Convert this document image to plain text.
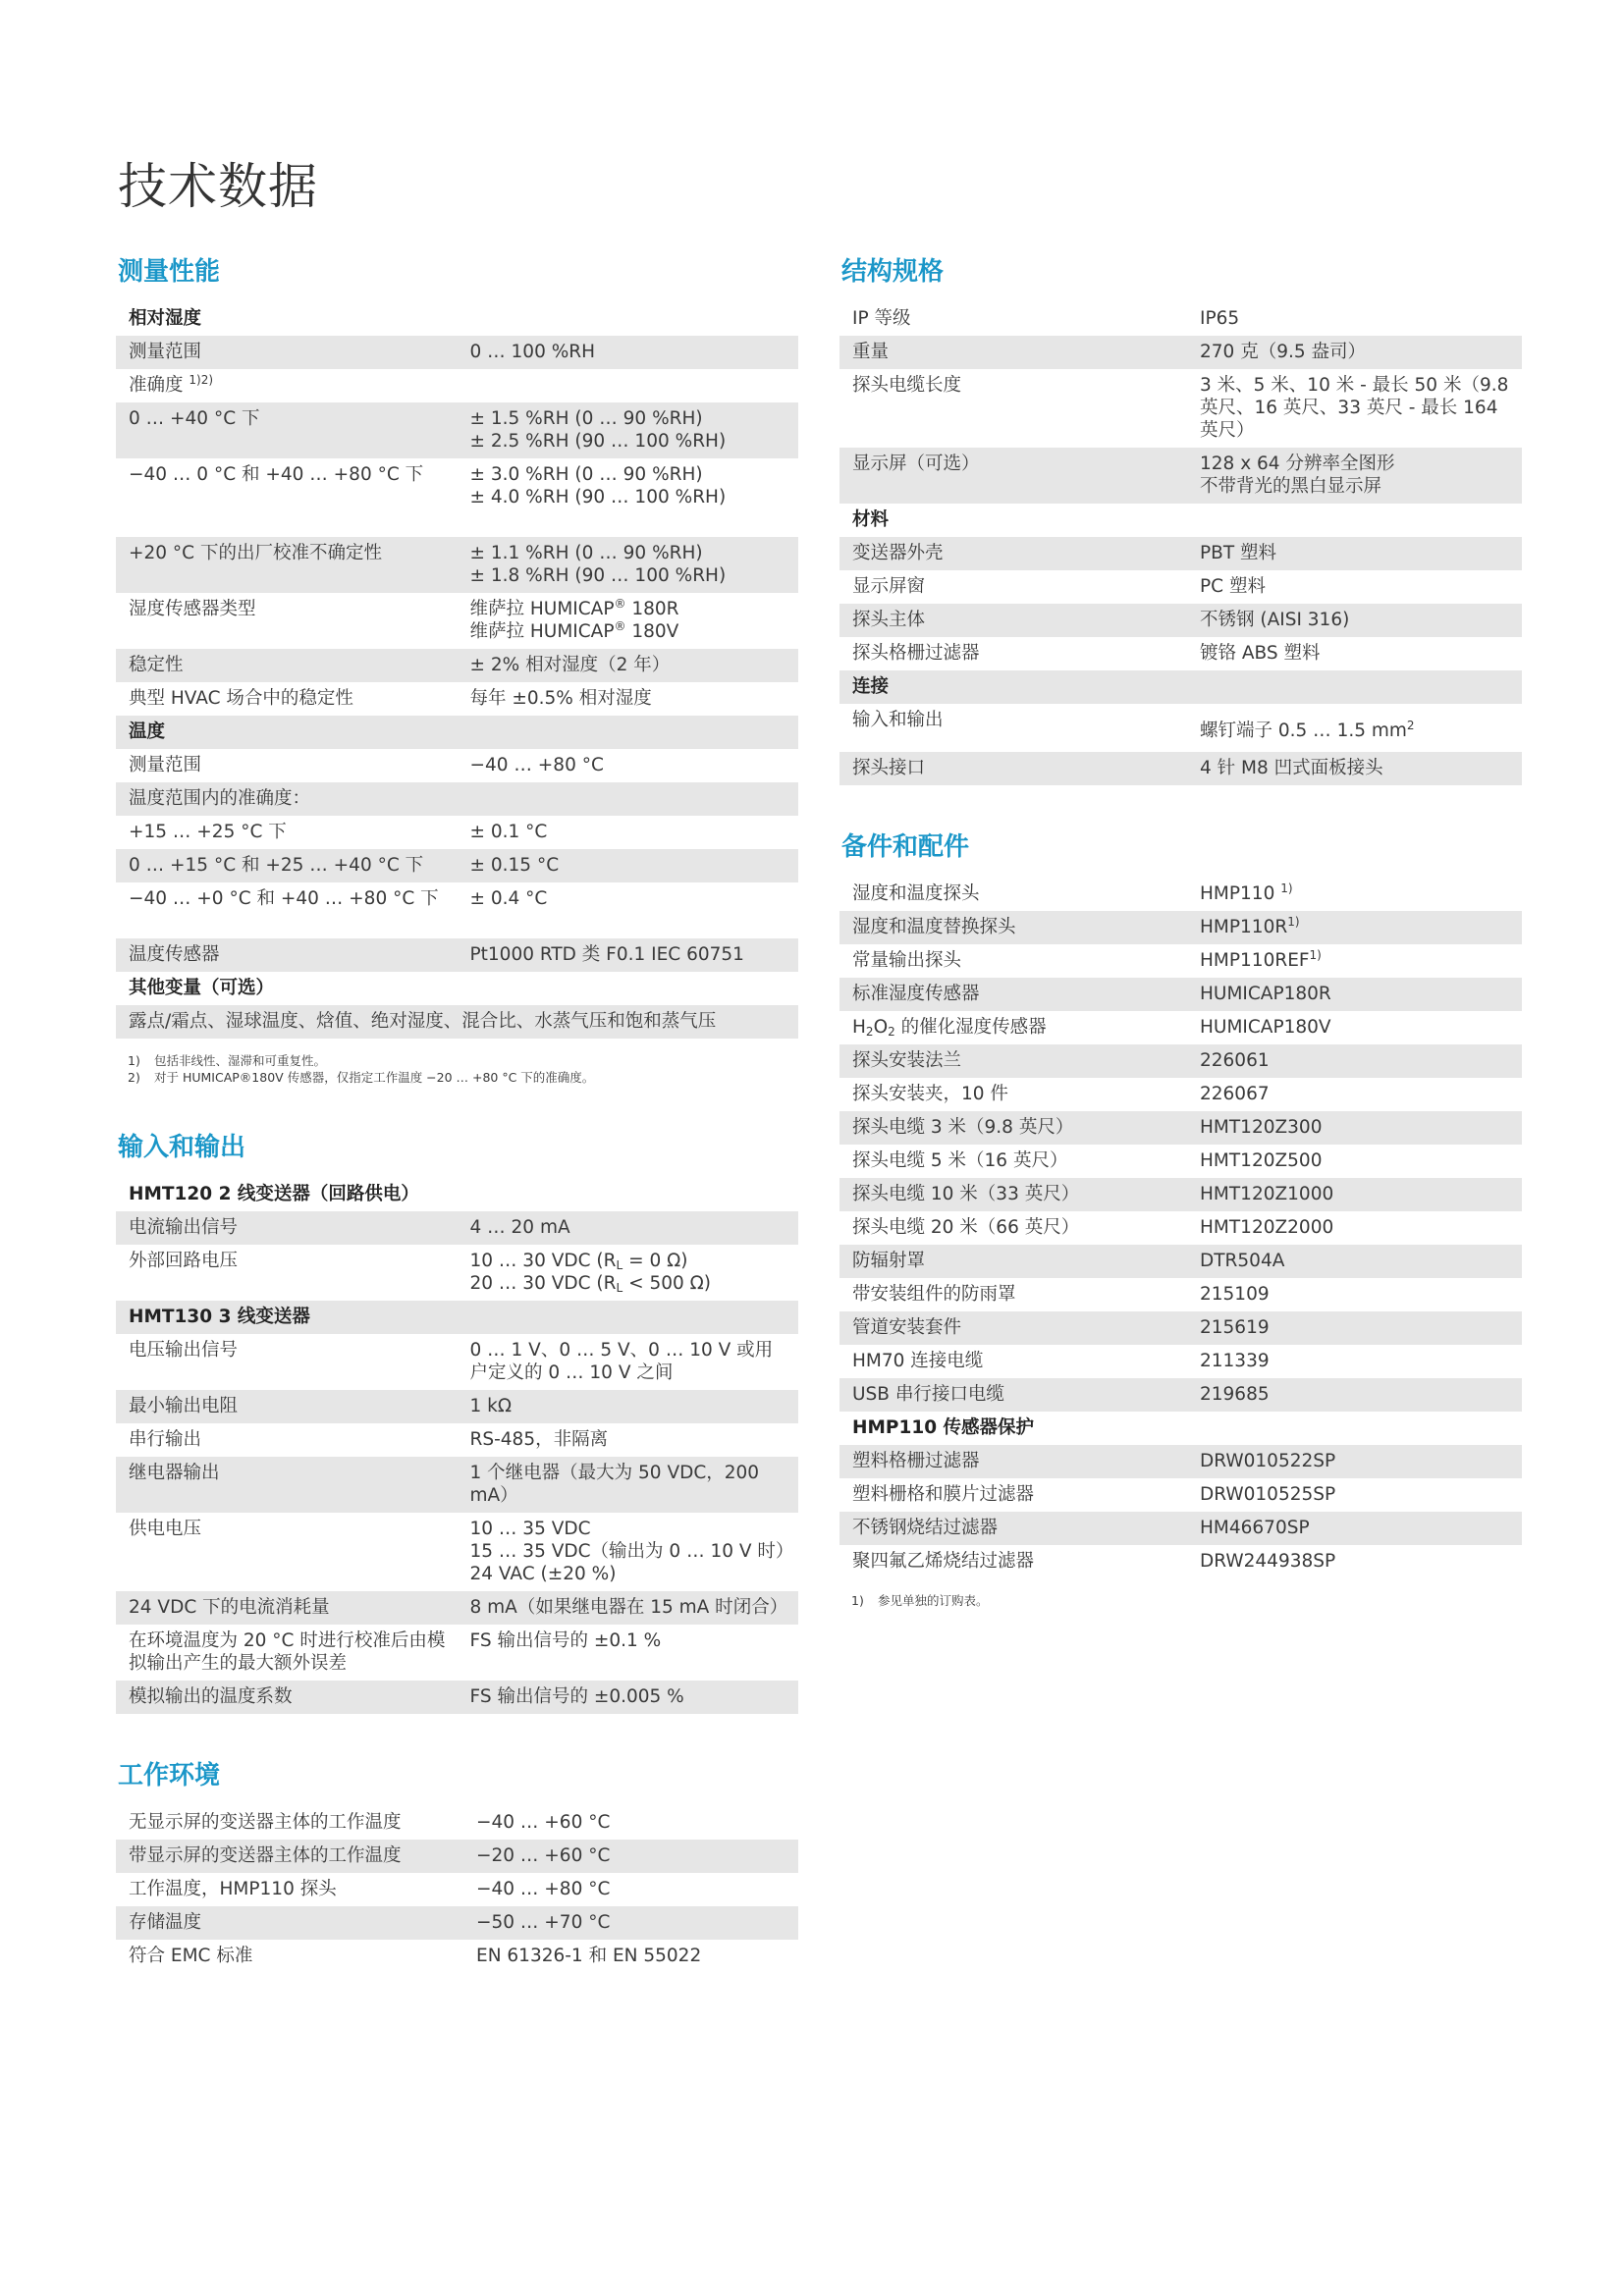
技术数据
测量性能
相对湿度	
测量范围	0 … 100 %RH
准确度 $^{1)2)}$	
0 … +40 °C 下	± 1.5 %RH (0 … 90 %RH)
± 2.5 %RH (90 … 100 %RH)

−40 … 0 °C 和 +40 … +80 °C 下	± 3.0 %RH (0 … 90 %RH)
± 4.0 %RH (90 … 100 %RH)

+20 °C 下的出厂校准不确定性	± 1.1 %RH (0 … 90 %RH)
± 1.8 %RH (90 … 100 %RH)

湿度传感器类型	维萨拉 HUMICAP® 180R
维萨拉 HUMICAP® 180V

稳定性	± 2% 相对湿度（2 年）
典型 HVAC 场合中的稳定性	每年 ±0.5% 相对湿度
温度	
测量范围	−40 … +80 °C
温度范围内的准确度：	
+15 … +25 °C 下	± 0.1 °C
0 … +15 °C 和 +25 … +40 °C 下	± 0.15 °C
−40 … +0 °C 和 +40 … +80 °C 下	± 0.4 °C
温度传感器	Pt1000 RTD 类 F0.1 IEC 60751
其他变量（可选）	
露点/霜点、湿球温度、焓值、绝对湿度、混合比、水蒸气压和饱和蒸气压	
1)	包括非线性、湿滞和可重复性。
2)	对于 HUMICAP®180V 传感器，仅指定工作温度 −20 … +80 °C 下的准确度。
输入和输出
HMT120 2 线变送器（回路供电）	
电流输出信号	4 … 20 mA
外部回路电压	10 … 30 VDC ($R_L = 0$ Ω)
20 … 30 VDC ($R_L < 500$ Ω)

HMT130 3 线变送器	
电压输出信号	0 … 1 V、0 … 5 V、0 … 10 V 或用户定义的 0 … 10 V 之间
最小输出电阻	1 kΩ
串行输出	RS-485，非隔离
继电器输出	1 个继电器（最大为 50 VDC，200 mA）
供电电压	10 … 35 VDC
15 … 35 VDC（输出为 0 … 10 V 时）
24 VAC (±20 %)

24 VDC 下的电流消耗量	8 mA（如果继电器在 15 mA 时闭合）
在环境温度为 20 °C 时进行校准后由模拟输出产生的最大额外误差	FS 输出信号的 ±0.1 %
模拟输出的温度系数	FS 输出信号的 ±0.005 %
工作环境
无显示屏的变送器主体的工作温度	−40 … +60 °C
带显示屏的变送器主体的工作温度	−20 … +60 °C
工作温度，HMP110 探头	−40 … +80 °C
存储温度	−50 … +70 °C
符合 EMC 标准	EN 61326-1 和 EN 55022
结构规格
IP 等级	IP65
重量	270 克（9.5 盎司）
探头电缆长度	3 米、5 米、10 米 - 最长 50 米（9.8 英尺、16 英尺、33 英尺 - 最长 164 英尺）
显示屏（可选）	128 x 64 分辨率全图形
不带背光的黑白显示屏

材料	
变送器外壳	PBT 塑料
显示屏窗	PC 塑料
探头主体	不锈钢 (AISI 316)
探头格栅过滤器	镀铬 ABS 塑料
连接	
输入和输出	螺钉端子 0.5 … 1.5 $mm^2$
探头接口	4 针 M8 凹式面板接头
备件和配件
湿度和温度探头	HMP110 $^{1)}$
湿度和温度替换探头	$HMP110R^{1)}$
常量输出探头	HMP110REF$^{1)}$
标准湿度传感器	HUMICAP180R
$H_2O_2$ 的催化湿度传感器	HUMICAP180V
探头安装法兰	226061
探头安装夹，10 件	226067
探头电缆 3 米（9.8 英尺）	HMT120Z300
探头电缆 5 米（16 英尺）	HMT120Z500
探头电缆 10 米（33 英尺）	HMT120Z1000
探头电缆 20 米（66 英尺）	HMT120Z2000
防辐射罩	DTR504A
带安装组件的防雨罩	215109
管道安装套件	215619
HM70 连接电缆	211339
USB 串行接口电缆	219685
HMP110 传感器保护	
塑料格栅过滤器	DRW010522SP
塑料栅格和膜片过滤器	DRW010525SP
不锈钢烧结过滤器	HM46670SP
聚四氟乙烯烧结过滤器	DRW244938SP
1)	参见单独的订购表。
